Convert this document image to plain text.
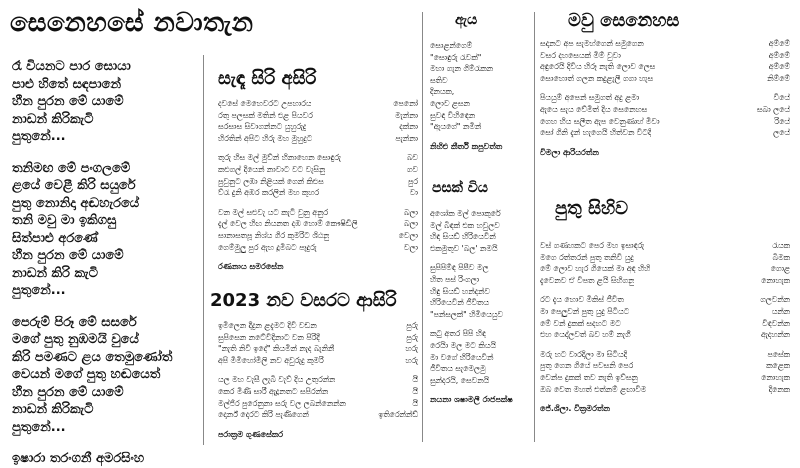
සෙනෙහසේ නවාතැන
රෑ වියනට පාර සොයා
පාළු හිතේ සඳපානේ
හීන පුරන මේ යාමේ
නාඩන් කිරිකැටි
පුතුනේ...
තනිමඟ මේ පංගලමේ
ළයේ වෙළී කිරි සයුරේ
පුතු නොනිදා අඬහැරයේ
තනි මවු මා ඉකිගසු
සිත්පාළු අරණේ
හීන පුරන මේ යාමේ
නාඩන් කිරි කැටි
පුතුනේ...
පෙරුම් පිරූ මේ සසරේ
මගේ පුතු නුඹමයි වුයේ
කිරි පමණට ළය තෙමුණෝත්
වෙයන් මගේ පුතු හඬයෙත්
හීන පුරන මේ යාමේ
නාඩන් කිරිකැටි
පුතුනේ...
ඉෂාරා තරංගනී අමරසිංහ
සැඳෑ සිරි අසිරි
දවසේ මෙහෙවරට උපහාරය	පෙනෝ
රතු පලසක් මතින් එළ පියවර	මැන්නා
සරසාස සිවාගන්නට යුහුරුදු	දක්නා
හිරතින් අපිට හිරු මහ මුහුදුට	පැන්නා
තුරු හිස මල් මුව්න් හිනාහෙන සොඳුරු	බව
කළුගල් දියෙන් නාවාට වට වැසිනු	ගව
පුවුනුට ලඹා නිළියක් ගෙන් කිළුස	පුර
ව්රැ දුනි අඹර කරලින් මහ කුහර	වා
වන මල් සළුවැ යට කැටී වුනු අනුර	බලා
දැල් වෙල හිඟ නියනත දඹ හොම් කෞෂිඩිලි	බලා
සානාසතපූ නිශ්ය ගිර කුමරිට ශිඨනු	වෙලා
ගෙම්මුලු පුර ඇහ දූමිබට පෑදුරු	වලා
රණනාය සමරසේන
2023 නව වසරට ආසිරි
ඉමිලෙන දීදුන ළදැමට දිවි වඩන	පුරු
සුපිසෙන නටේවිදිනාට වන පිරිදී	පුරු
"නැති නිවී ඉදේ" කියමින් නැද බැනිනී	හරු
අපි මිමිහෝමිලි නව අවුරුදු කුමරි	හරු
යල මහ වැසී ලැබී වැව් දිය උතුරන්න	යී
කෙර මීණී සාරී ඇදූනතට සපිරන්න	යී
මල්ජිර පුරෙනුනා සරු වල ලබන්නෙන්න	යී
දොර්න් දොරට කිරි පැණිගෙන්	ඉතිරෙන්න්ඩ්
පරාක්‍රම ගුණසේකර
ඇය
සොළන්ගෙම්
"සොඳුරු රැවක්"
මහා ගැන ගිම්රැකන
සතිව
දිනයක,
ලොව ළසන
සුවඳ විහිඳෙන
"ඇයගේ" නමින්
නිහිළු කීර්ති කපුවත්ත
පසක් විය
අශෝක මල් පොකුරේ
මල් බිඳක් එක හවුලව
හිඳ සියඩ් හිරියෙවින්
එකමුතුව 'බල' නමයි
සුපිපිම්ඳ පිපීව මල
හිත පස් රිංගලා
හිඳු සියඩ් හන්දන්ව
හිරියෙවින් ජීවිතය
"පන්සලක්" හිමියෙයුව
කටු අතර පිපි හිඳ
රෙයිා මල මට කියයි
මා වගේ හිරියෙවින්
ජීවිතය සැමෙලමු
සුන්දරයි, සෙවනයි
නයනා ශෂාමලී රාජපක්ෂ
මවු සෙනෙහස
සදානට අප සැමහ්ගෙන් සමුගෙන	අම්මේ
වසර දහසෙයක් මිම් වුවා	අම්මේ
අඳුරෙයි දිවිය හිරූ නැති ලොව ලෙස	අම්මේ
සොහොත් ගලන කදුළැලී ගගා හැස	නිම්මේ
පියයුම් අපෙන් සමුගත් අදු ළමා	වියේ
ඇයෙ සැය වේමිත් දිය සෙනෙහස	සබා ලයේ
ගෙහ හිය සලීත ඇප වෙනුණාහ් මිවා	රියේ
සෝ ගිනි දැන් හැගෙයි හිත්වන විටදී	ලයේ
විමලා ආරියරත්න
පුතු සිහිව
වස් ගණහකට පෙර මහ ඉසාඳරු	රැයක
මගෙ රත්තරන් පුතු තනිවි යුදු	බිමක
මේ ලොව හැර ගියෙක් මා අඳ හිහි	ගොළ
දැවෙනව ඒ විපත ළයි සිහිගනු	නොහැක
රට දැය හොව මිකිස් ජීවිත	ගලවන්න
මා පෙලුවන් පුතු යුදු පිටියට	යන්න
මේ වන් දුකක් සදහට මට	විඳවන්න
එහ යෙද්ලවත් බව හම් නැගී	ඇදහන්න
මරු හට වාරදිලා මා සිටියදි	පසේක
පුතු ගෙන ගියේ පවසනි පෙර	කළෙක
වෙන්ප දුකක් තව නැති ඉව්සනු	නොහැක
ඔබ වෙත මහත් එත්නම් ළඟාවිම	දිනෙක
ජේ.ශිලා. වික්‍රමරත්න
